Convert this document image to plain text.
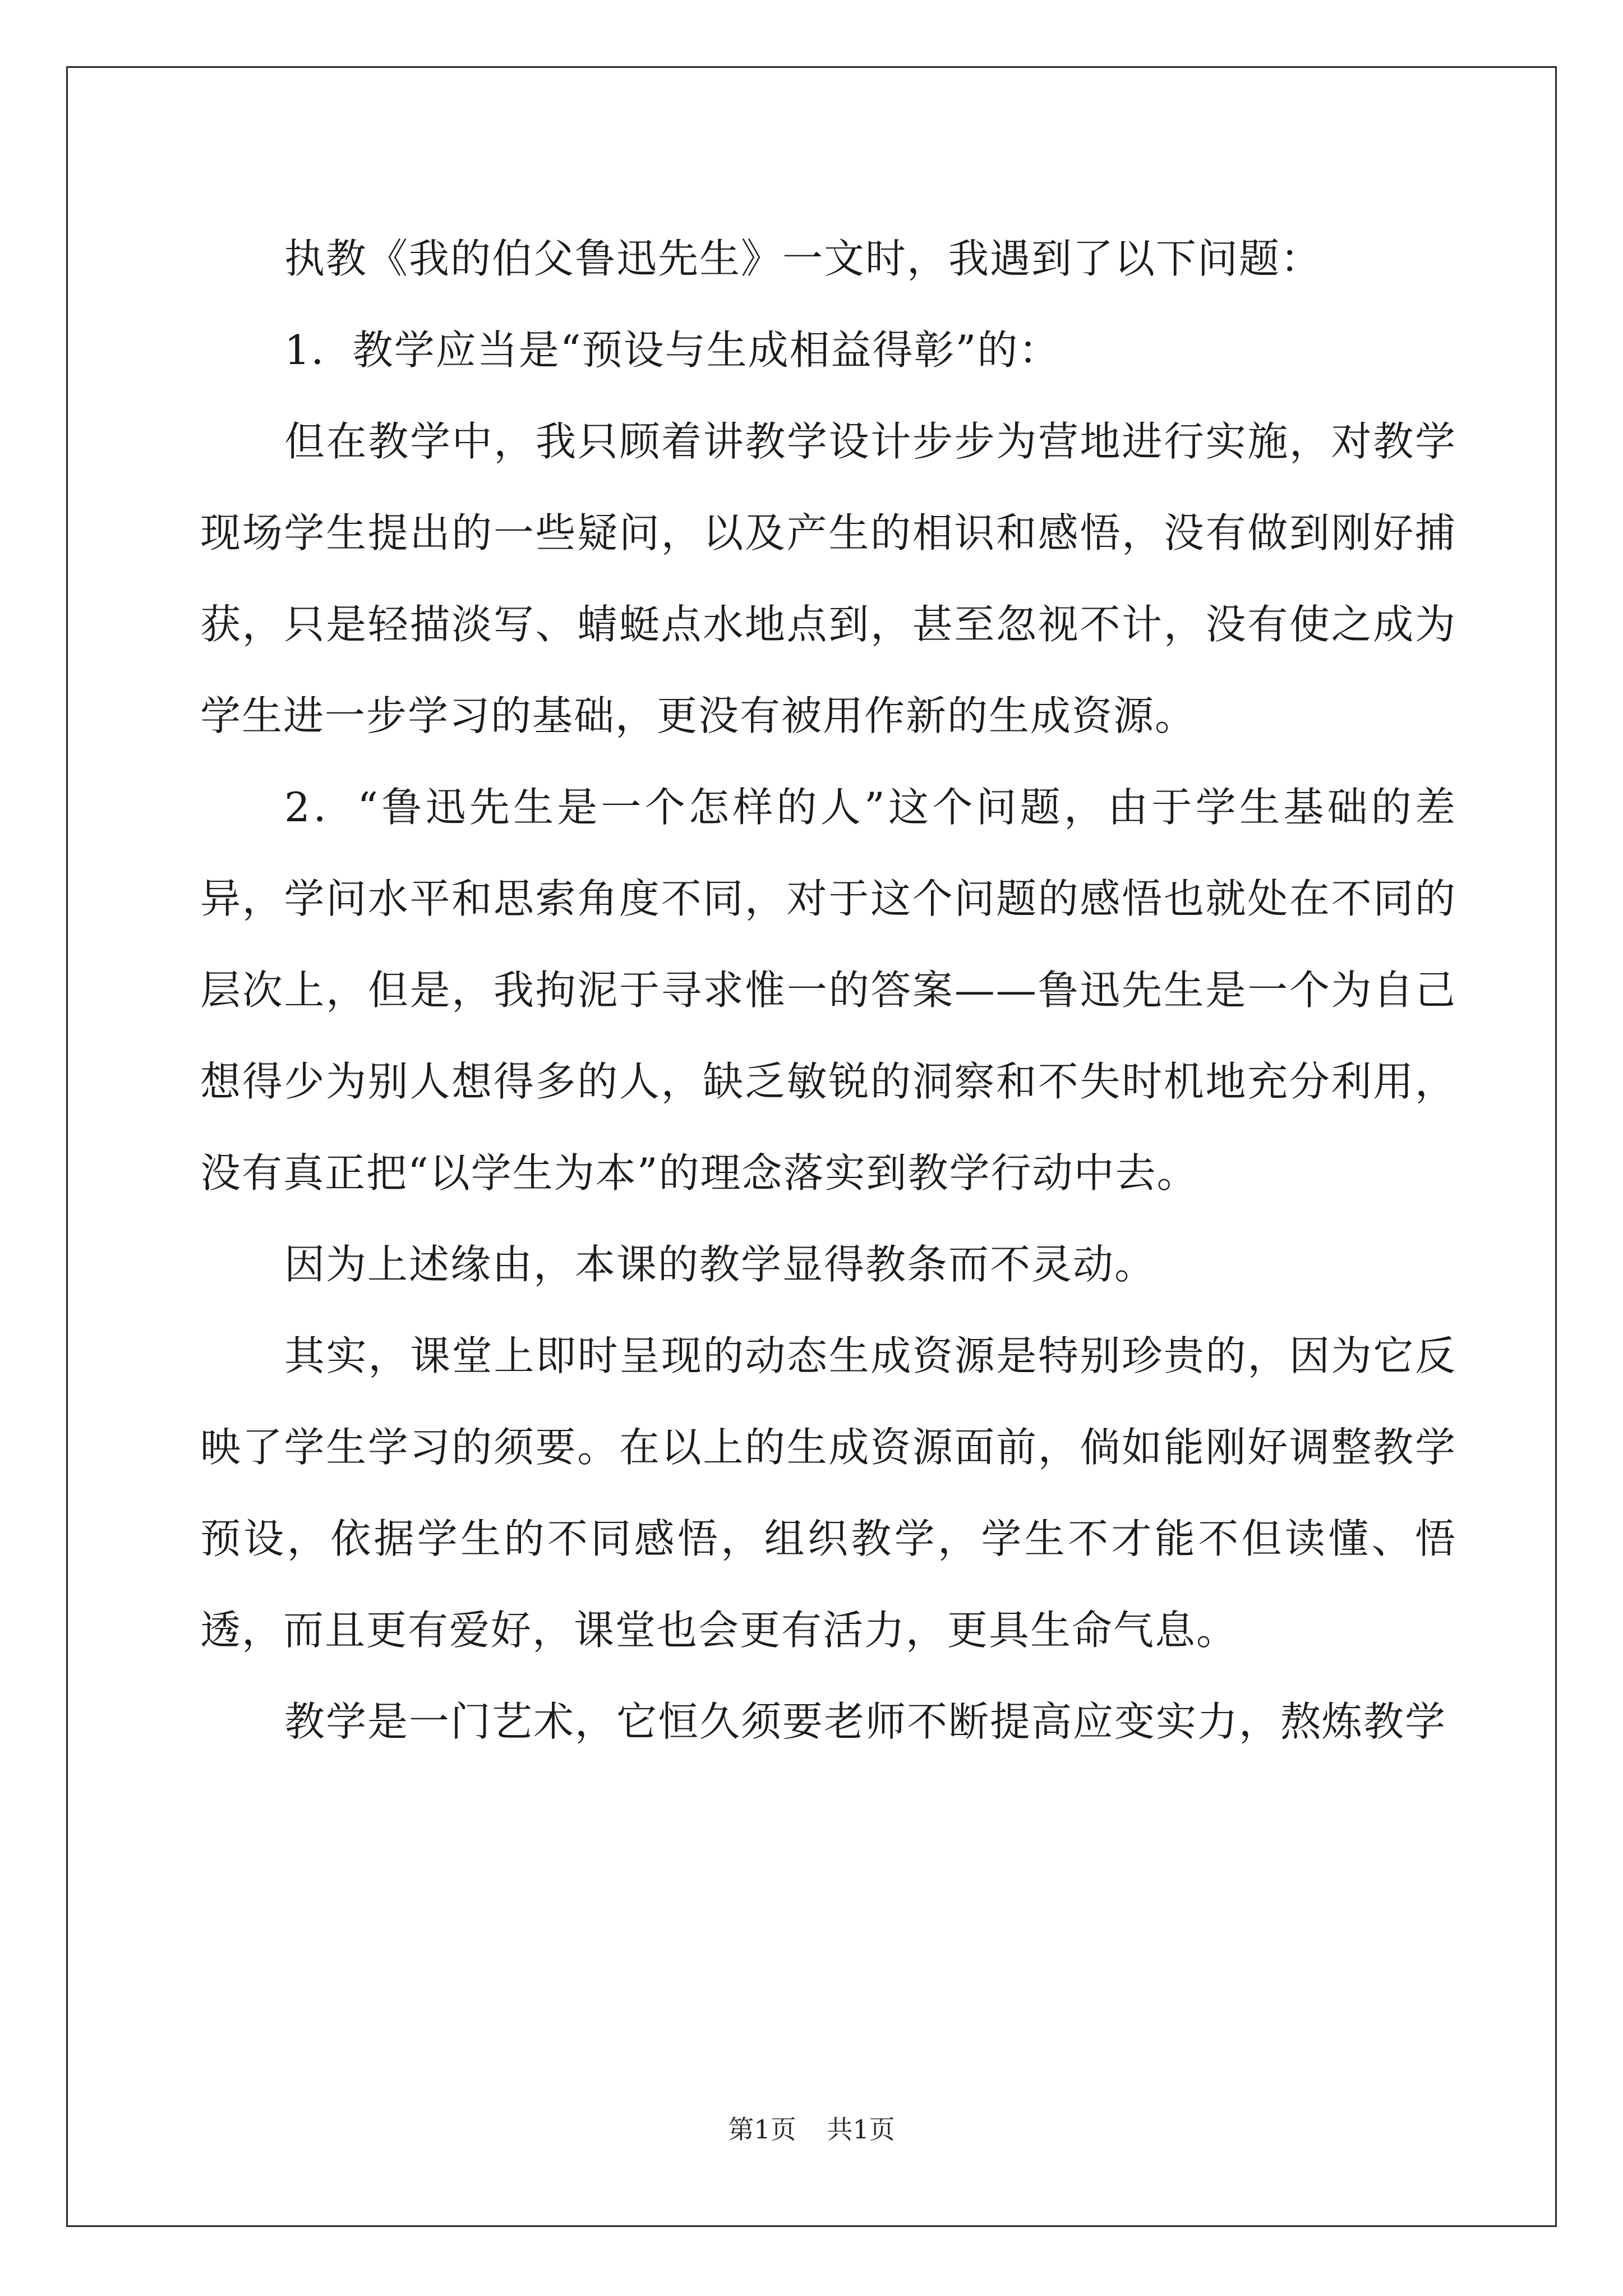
执教《我的伯父鲁迅先生》一文时，我遇到了以下问题：

1．教学应当是“预设与生成相益得彰”的：

但在教学中，我只顾着讲教学设计步步为营地进行实施，对教学现场学生提出的一些疑问，以及产生的相识和感悟，没有做到刚好捕获，只是轻描淡写、蜻蜓点水地点到，甚至忽视不计，没有使之成为学生进一步学习的基础，更没有被用作新的生成资源。

2．“鲁迅先生是一个怎样的人”这个问题，由于学生基础的差异，学问水平和思索角度不同，对于这个问题的感悟也就处在不同的层次上，但是，我拘泥于寻求惟一的答案——鲁迅先生是一个为自己想得少为别人想得多的人，缺乏敏锐的洞察和不失时机地充分利用，没有真正把“以学生为本”的理念落实到教学行动中去。

因为上述缘由，本课的教学显得教条而不灵动。

其实，课堂上即时呈现的动态生成资源是特别珍贵的，因为它反映了学生学习的须要。在以上的生成资源面前，倘如能刚好调整教学预设，依据学生的不同感悟，组织教学，学生不才能不但读懂、悟透，而且更有爱好，课堂也会更有活力，更具生命气息。

教学是一门艺术，它恒久须要老师不断提高应变实力，熬炼教学

第1页 共1页
